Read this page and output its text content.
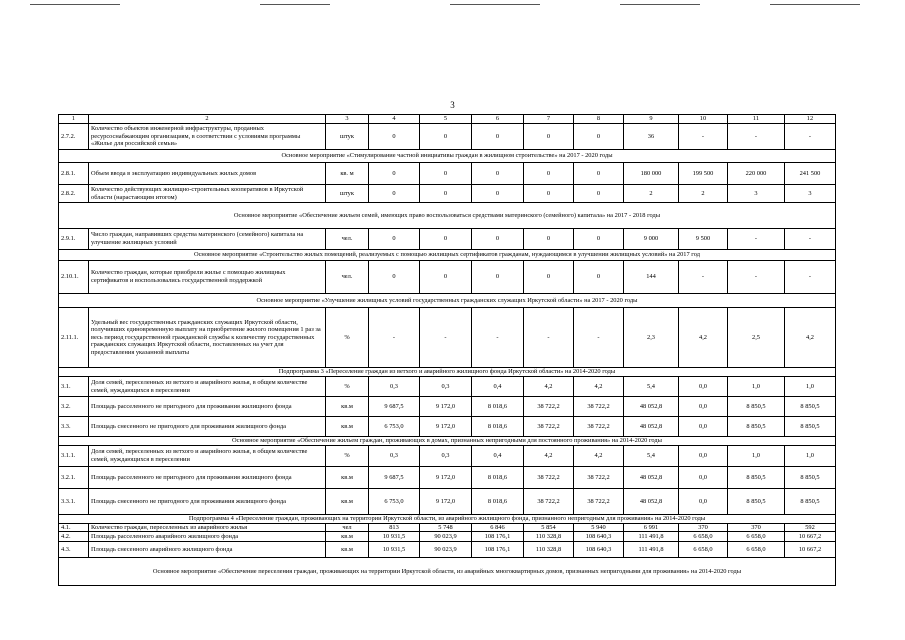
3
1	2	3	4	5	6	7	8	9	10	11	12
2.7.2.	Количество объектов инженерной инфраструктуры, проданных ресурсоснабжающим организациям, в соответствии с условиями программы «Жилье для российской семьи»	штук	0	0	0	0	0	36	-	-	-
Основное мероприятие «Стимулирование частной инициативы граждан в жилищном строительстве» на 2017 - 2020 годы											
2.8.1.	Объем ввода в эксплуатацию индивидуальных жилых домов	кв. м	0	0	0	0	0	180 000	199 500	220 000	241 500
2.8.2.	Количество действующих жилищно-строительных кооперативов в Иркутской области (нарастающим итогом)	штук	0	0	0	0	0	2	2	3	3
Основное мероприятие «Обеспечение жильем семей, имеющих право воспользоваться средствами материнского (семейного) капитала» на 2017 - 2018 годы											
2.9.1.	Число граждан, направивших средства материнского (семейного) капитала на улучшение жилищных условий	чел.	0	0	0	0	0	9 000	9 500	-	-
Основное мероприятие «Строительство жилых помещений, реализуемых с помощью жилищных сертификатов гражданам, нуждающимся в улучшении жилищных условий» на 2017 год											
2.10.1.	Количество граждан, которые приобрели жилье с помощью жилищных сертификатов и воспользовались государственной поддержкой	чел.	0	0	0	0	0	144	-	-	-
Основное мероприятие «Улучшение жилищных условий государственных гражданских служащих Иркутской области» на 2017 - 2020 годы											
2.11.1.	Удельный вес государственных гражданских служащих Иркутской области, получивших единовременную выплату на приобретение жилого помещения 1 раз за весь период государственной гражданской службы к количеству государственных гражданских служащих Иркутской области, поставленных на учет для предоставления указанной выплаты	%	-	-	-	-	-	2,3	4,2	2,5	4,2
Подпрограмма 3 «Переселение граждан из ветхого и аварийного жилищного фонда Иркутской области» на 2014-2020 годы											
3.1.	Доля семей, переселенных из ветхого и аварийного жилья, в общем количестве семей, нуждающихся в переселении	%	0,3	0,3	0,4	4,2	4,2	5,4	0,0	1,0	1,0
3.2.	Площадь расселенного не пригодного для проживания жилищного фонда	кв.м	9 687,5	9 172,0	8 018,6	38 722,2	38 722,2	48 052,8	0,0	8 850,5	8 850,5
3.3.	Площадь снесенного не пригодного для проживания жилищного фонда	кв.м	6 753,0	9 172,0	8 018,6	38 722,2	38 722,2	48 052,8	0,0	8 850,5	8 850,5
Основное мероприятие «Обеспечение жильем граждан, проживающих в домах, признанных непригодными для постоянного проживания» на 2014-2020 годы											
3.1.1.	Доля семей, переселенных из ветхого и аварийного жилья, в общем количестве семей, нуждающихся в переселении	%	0,3	0,3	0,4	4,2	4,2	5,4	0,0	1,0	1,0
3.2.1.	Площадь расселенного не пригодного для проживания жилищного фонда	кв.м	9 687,5	9 172,0	8 018,6	38 722,2	38 722,2	48 052,8	0,0	8 850,5	8 850,5
3.3.1.	Площадь снесенного не пригодного для проживания жилищного фонда	кв.м	6 753,0	9 172,0	8 018,6	38 722,2	38 722,2	48 052,8	0,0	8 850,5	8 850,5
Подпрограмма 4 «Переселение граждан, проживающих на территории Иркутской области, из аварийного жилищного фонда, признанного непригодным для проживания» на 2014-2020 годы											
4.1.	Количество граждан, переселенных из аварийного жилья	чел	813	5 748	6 846	5 854	5 940	6 991	370	370	592
4.2.	Площадь расселенного аварийного жилищного фонда	кв.м	10 931,5	90 023,9	108 176,1	110 328,8	108 640,3	111 491,8	6 658,0	6 658,0	10 667,2
4.3.	Площадь снесенного аварийного жилищного фонда	кв.м	10 931,5	90 023,9	108 176,1	110 328,8	108 640,3	111 491,8	6 658,0	6 658,0	10 667,2
Основное мероприятие «Обеспечение переселения граждан, проживающих на территории Иркутской области, из аварийных многоквартирных домов, признанных непригодными для проживания» на 2014-2020 годы											
